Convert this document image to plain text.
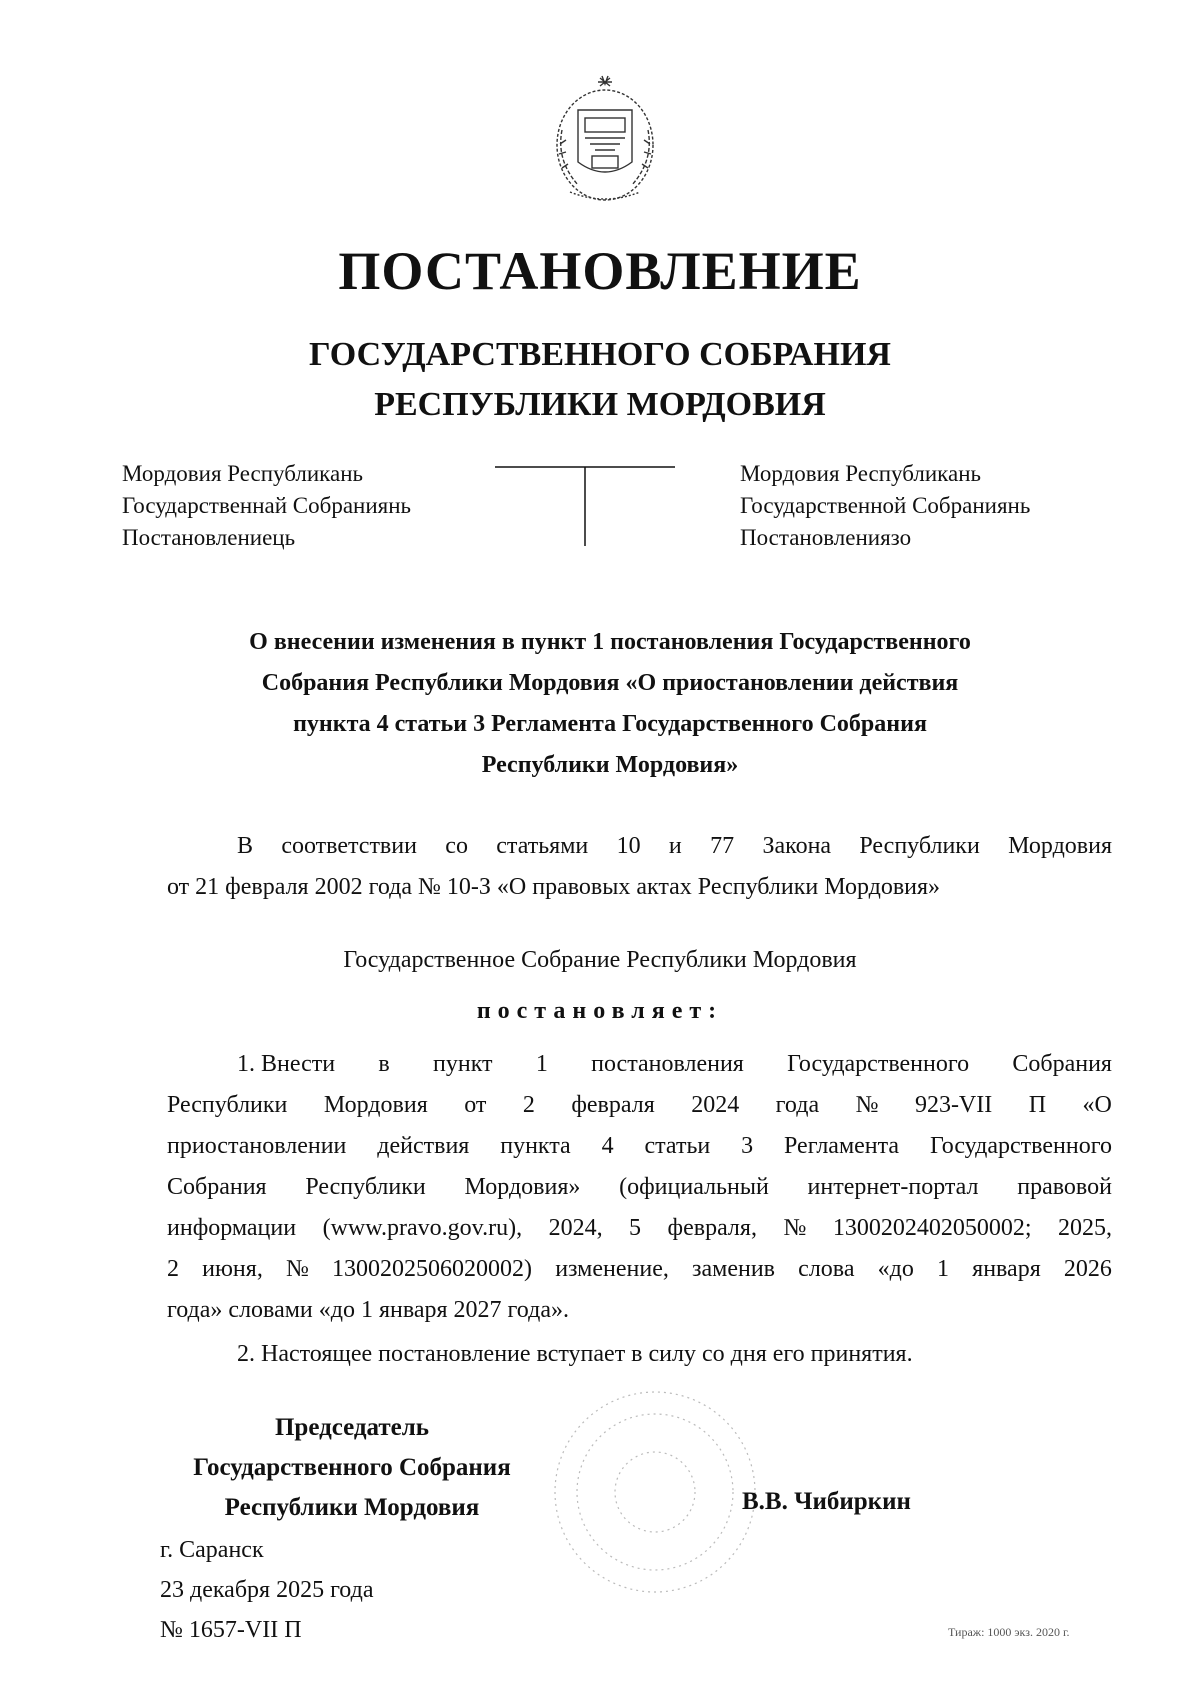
ПОСТАНОВЛЕНИЕ
ГОСУДАРСТВЕННОГО СОБРАНИЯ
РЕСПУБЛИКИ МОРДОВИЯ
Мордовия Республикань
Государственнай Собраниянь
Постановлениець
Мордовия Республикань
Государственной Собраниянь
Постановлениязо
О внесении изменения в пункт 1 постановления Государственного
Собрания Республики Мордовия «О приостановлении действия
пункта 4 статьи 3 Регламента Государственного Собрания
Республики Мордовия»
В соответствии со статьями 10 и 77 Закона Республики Мордовия
от 21 февраля 2002 года № 10-З «О правовых актах Республики Мордовия»
Государственное Собрание Республики Мордовия
постановляет:
1. Внести в пункт 1 постановления Государственного Собрания
Республики Мордовия от 2 февраля 2024 года № 923-VII П «О
приостановлении действия пункта 4 статьи 3 Регламента Государственного
Собрания Республики Мордовия» (официальный интернет-портал правовой
информации (www.pravo.gov.ru), 2024, 5 февраля, № 1300202402050002; 2025,
2 июня, № 1300202506020002) изменение, заменив слова «до 1 января 2026
года» словами «до 1 января 2027 года».
2. Настоящее постановление вступает в силу со дня его принятия.
Председатель
Государственного Собрания
Республики Мордовия	В.В. Чибиркин
г. Саранск
23 декабря 2025 года
№ 1657-VII П	Тираж: 1000 экз. 2020 г.
